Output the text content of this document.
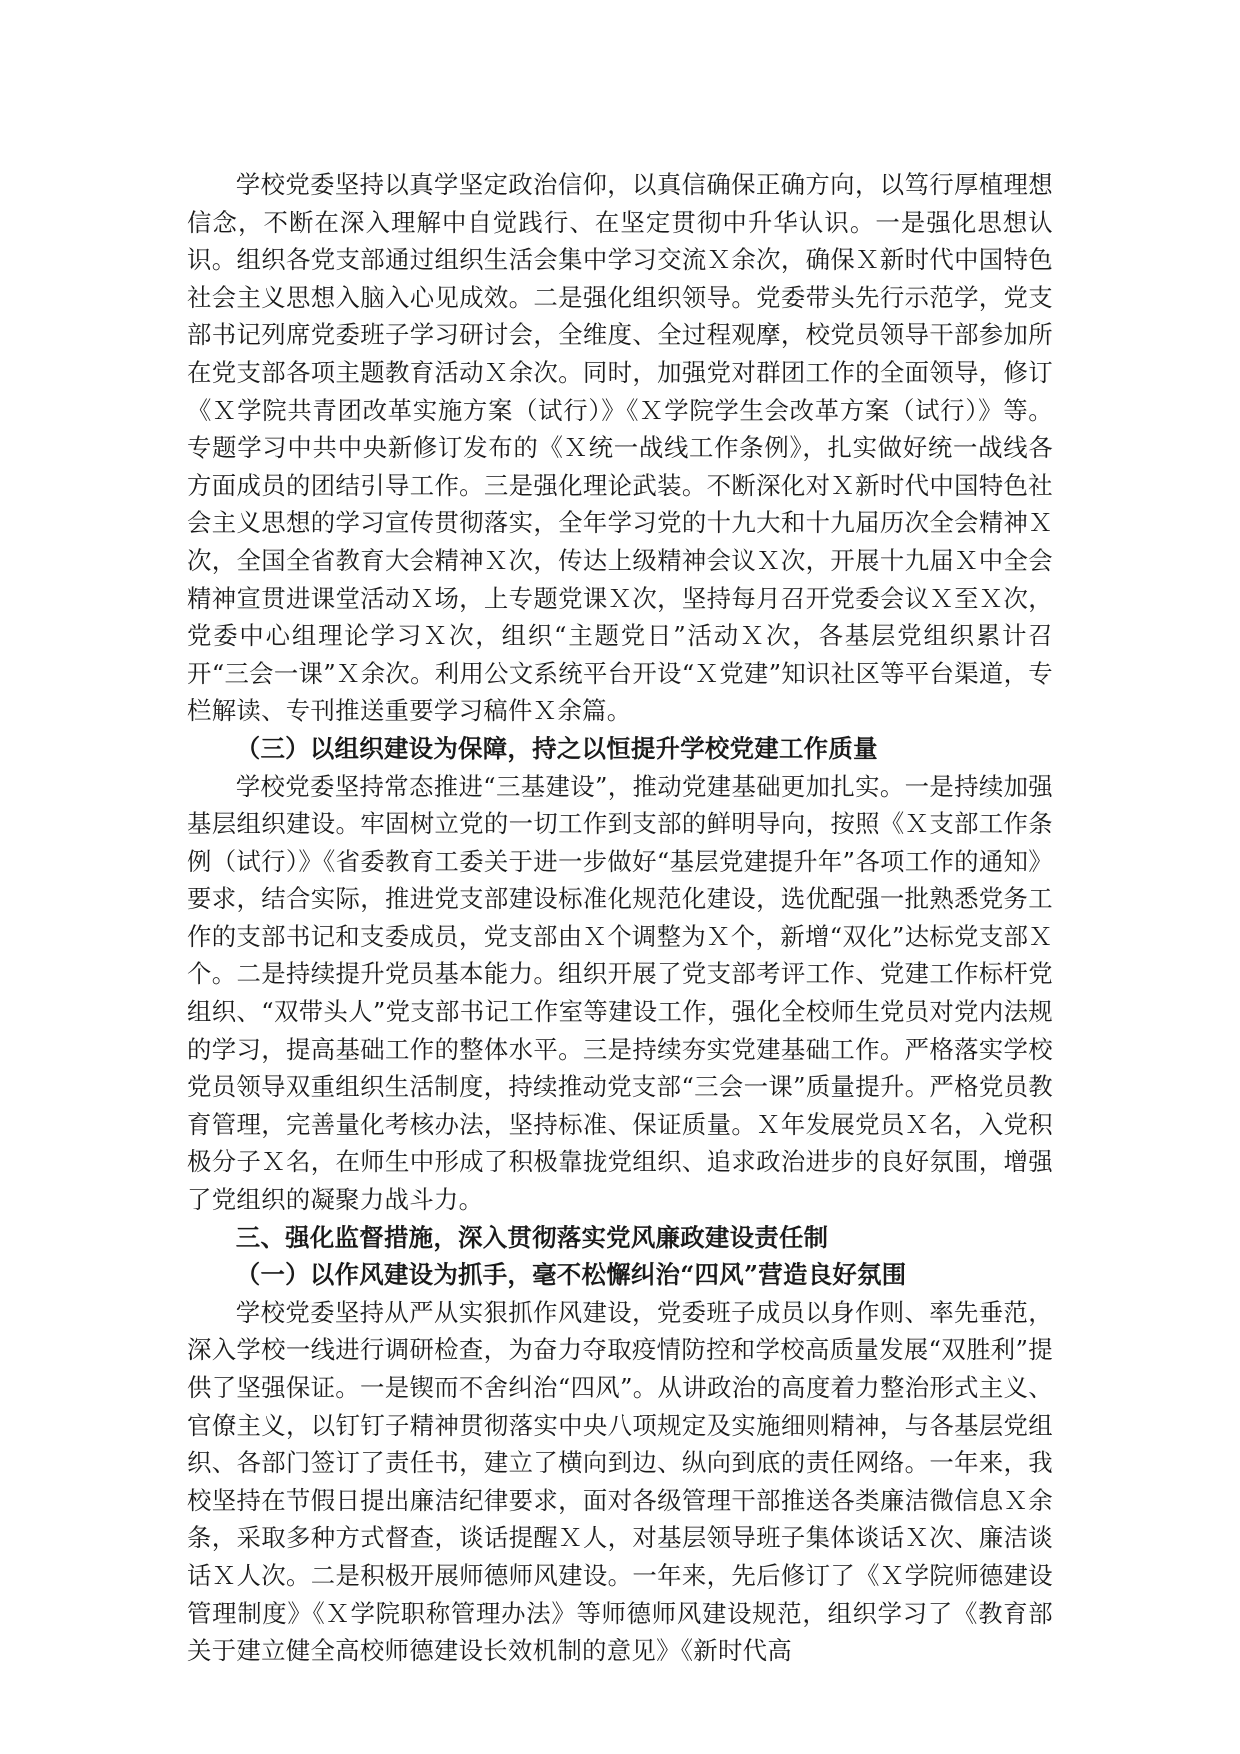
学校党委坚持以真学坚定政治信仰，以真信确保正确方向，以笃行厚植理想信念，不断在深入理解中自觉践行、在坚定贯彻中升华认识。一是强化思想认识。组织各党支部通过组织生活会集中学习交流Ｘ余次，确保Ｘ新时代中国特色社会主义思想入脑入心见成效。二是强化组织领导。党委带头先行示范学，党支部书记列席党委班子学习研讨会，全维度、全过程观摩，校党员领导干部参加所在党支部各项主题教育活动Ｘ余次。同时，加强党对群团工作的全面领导，修订《Ｘ学院共青团改革实施方案（试行）》《Ｘ学院学生会改革方案（试行）》等。专题学习中共中央新修订发布的《Ｘ统一战线工作条例》，扎实做好统一战线各方面成员的团结引导工作。三是强化理论武装。不断深化对Ｘ新时代中国特色社会主义思想的学习宣传贯彻落实，全年学习党的十九大和十九届历次全会精神Ｘ次，全国全省教育大会精神Ｘ次，传达上级精神会议Ｘ次，开展十九届Ｘ中全会精神宣贯进课堂活动Ｘ场，上专题党课Ｘ次，坚持每月召开党委会议Ｘ至Ｘ次，党委中心组理论学习Ｘ次，组织“主题党日”活动Ｘ次，各基层党组织累计召开“三会一课”Ｘ余次。利用公文系统平台开设“Ｘ党建”知识社区等平台渠道，专栏解读、专刊推送重要学习稿件Ｘ余篇。

（三）以组织建设为保障，持之以恒提升学校党建工作质量

学校党委坚持常态推进“三基建设”，推动党建基础更加扎实。一是持续加强基层组织建设。牢固树立党的一切工作到支部的鲜明导向，按照《Ｘ支部工作条例（试行）》《省委教育工委关于进一步做好“基层党建提升年”各项工作的通知》要求，结合实际，推进党支部建设标准化规范化建设，选优配强一批熟悉党务工作的支部书记和支委成员，党支部由Ｘ个调整为Ｘ个，新增“双化”达标党支部Ｘ个。二是持续提升党员基本能力。组织开展了党支部考评工作、党建工作标杆党组织、“双带头人”党支部书记工作室等建设工作，强化全校师生党员对党内法规的学习，提高基础工作的整体水平。三是持续夯实党建基础工作。严格落实学校党员领导双重组织生活制度，持续推动党支部“三会一课”质量提升。严格党员教育管理，完善量化考核办法，坚持标准、保证质量。Ｘ年发展党员Ｘ名，入党积极分子Ｘ名，在师生中形成了积极靠拢党组织、追求政治进步的良好氛围，增强了党组织的凝聚力战斗力。

三、强化监督措施，深入贯彻落实党风廉政建设责任制

（一）以作风建设为抓手，毫不松懈纠治“四风”营造良好氛围

学校党委坚持从严从实狠抓作风建设，党委班子成员以身作则、率先垂范，深入学校一线进行调研检查，为奋力夺取疫情防控和学校高质量发展“双胜利”提供了坚强保证。一是锲而不舍纠治“四风”。从讲政治的高度着力整治形式主义、官僚主义，以钉钉子精神贯彻落实中央八项规定及实施细则精神，与各基层党组织、各部门签订了责任书，建立了横向到边、纵向到底的责任网络。一年来，我校坚持在节假日提出廉洁纪律要求，面对各级管理干部推送各类廉洁微信息Ｘ余条，采取多种方式督查，谈话提醒Ｘ人，对基层领导班子集体谈话Ｘ次、廉洁谈话Ｘ人次。二是积极开展师德师风建设。一年来，先后修订了《Ｘ学院师德建设管理制度》《Ｘ学院职称管理办法》等师德师风建设规范，组织学习了《教育部关于建立健全高校师德建设长效机制的意见》《新时代高
